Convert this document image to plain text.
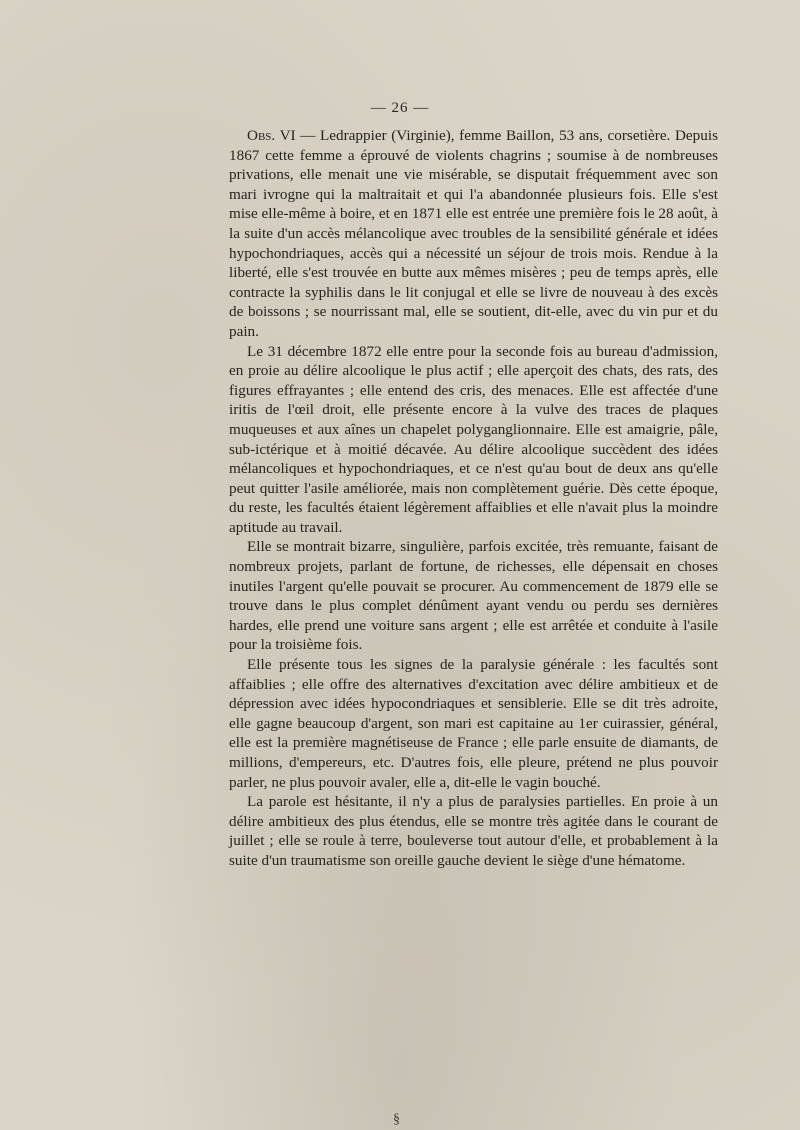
— 26 —

Obs. VI — Ledrappier (Virginie), femme Baillon, 53 ans, corsetière. Depuis 1867 cette femme a éprouvé de violents chagrins ; soumise à de nombreuses privations, elle menait une vie misérable, se disputait fréquemment avec son mari ivrogne qui la maltraitait et qui l'a abandonnée plusieurs fois. Elle s'est mise elle-même à boire, et en 1871 elle est entrée une première fois le 28 août, à la suite d'un accès mélancolique avec troubles de la sensibilité générale et idées hypochondriaques, accès qui a nécessité un séjour de trois mois. Rendue à la liberté, elle s'est trouvée en butte aux mêmes misères ; peu de temps après, elle contracte la syphilis dans le lit conjugal et elle se livre de nouveau à des excès de boissons ; se nourrissant mal, elle se soutient, dit-elle, avec du vin pur et du pain.

Le 31 décembre 1872 elle entre pour la seconde fois au bureau d'admission, en proie au délire alcoolique le plus actif ; elle aperçoit des chats, des rats, des figures effrayantes ; elle entend des cris, des menaces. Elle est affectée d'une iritis de l'œil droit, elle présente encore à la vulve des traces de plaques muqueuses et aux aînes un chapelet polyganglionnaire. Elle est amaigrie, pâle, sub-ictérique et à moitié décavée. Au délire alcoolique succèdent des idées mélancoliques et hypochondriaques, et ce n'est qu'au bout de deux ans qu'elle peut quitter l'asile améliorée, mais non complètement guérie. Dès cette époque, du reste, les facultés étaient légèrement affaiblies et elle n'avait plus la moindre aptitude au travail.

Elle se montrait bizarre, singulière, parfois excitée, très remuante, faisant de nombreux projets, parlant de fortune, de richesses, elle dépensait en choses inutiles l'argent qu'elle pouvait se procurer. Au commencement de 1879 elle se trouve dans le plus complet dénûment ayant vendu ou perdu ses dernières hardes, elle prend une voiture sans argent ; elle est arrêtée et conduite à l'asile pour la troisième fois.

Elle présente tous les signes de la paralysie générale : les facultés sont affaiblies ; elle offre des alternatives d'excitation avec délire ambitieux et de dépression avec idées hypocondriaques et sensiblerie. Elle se dit très adroite, elle gagne beaucoup d'argent, son mari est capitaine au 1er cuirassier, général, elle est la première magnétiseuse de France ; elle parle ensuite de diamants, de millions, d'empereurs, etc. D'autres fois, elle pleure, prétend ne plus pouvoir parler, ne plus pouvoir avaler, elle a, dit-elle le vagin bouché.

La parole est hésitante, il n'y a plus de paralysies partielles. En proie à un délire ambitieux des plus étendus, elle se montre très agitée dans le courant de juillet ; elle se roule à terre, bouleverse tout autour d'elle, et probablement à la suite d'un traumatisme son oreille gauche devient le siège d'une hématome.

§
